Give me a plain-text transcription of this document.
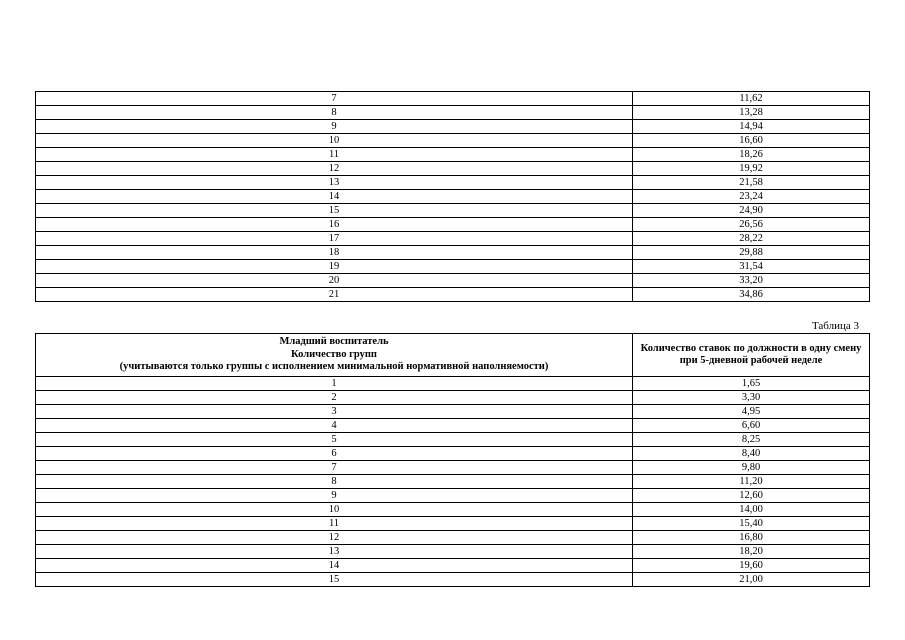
7	11,62
8	13,28
9	14,94
10	16,60
11	18,26
12	19,92
13	21,58
14	23,24
15	24,90
16	26,56
17	28,22
18	29,88
19	31,54
20	33,20
21	34,86
Таблица 3
Младший воспитатель
Количество групп
(учитываются только группы с исполнением минимальной нормативной наполняемости)	Количество ставок по должности в одну смену при 5-дневной рабочей неделе
1	1,65
2	3,30
3	4,95
4	6,60
5	8,25
6	8,40
7	9,80
8	11,20
9	12,60
10	14,00
11	15,40
12	16,80
13	18,20
14	19,60
15	21,00
